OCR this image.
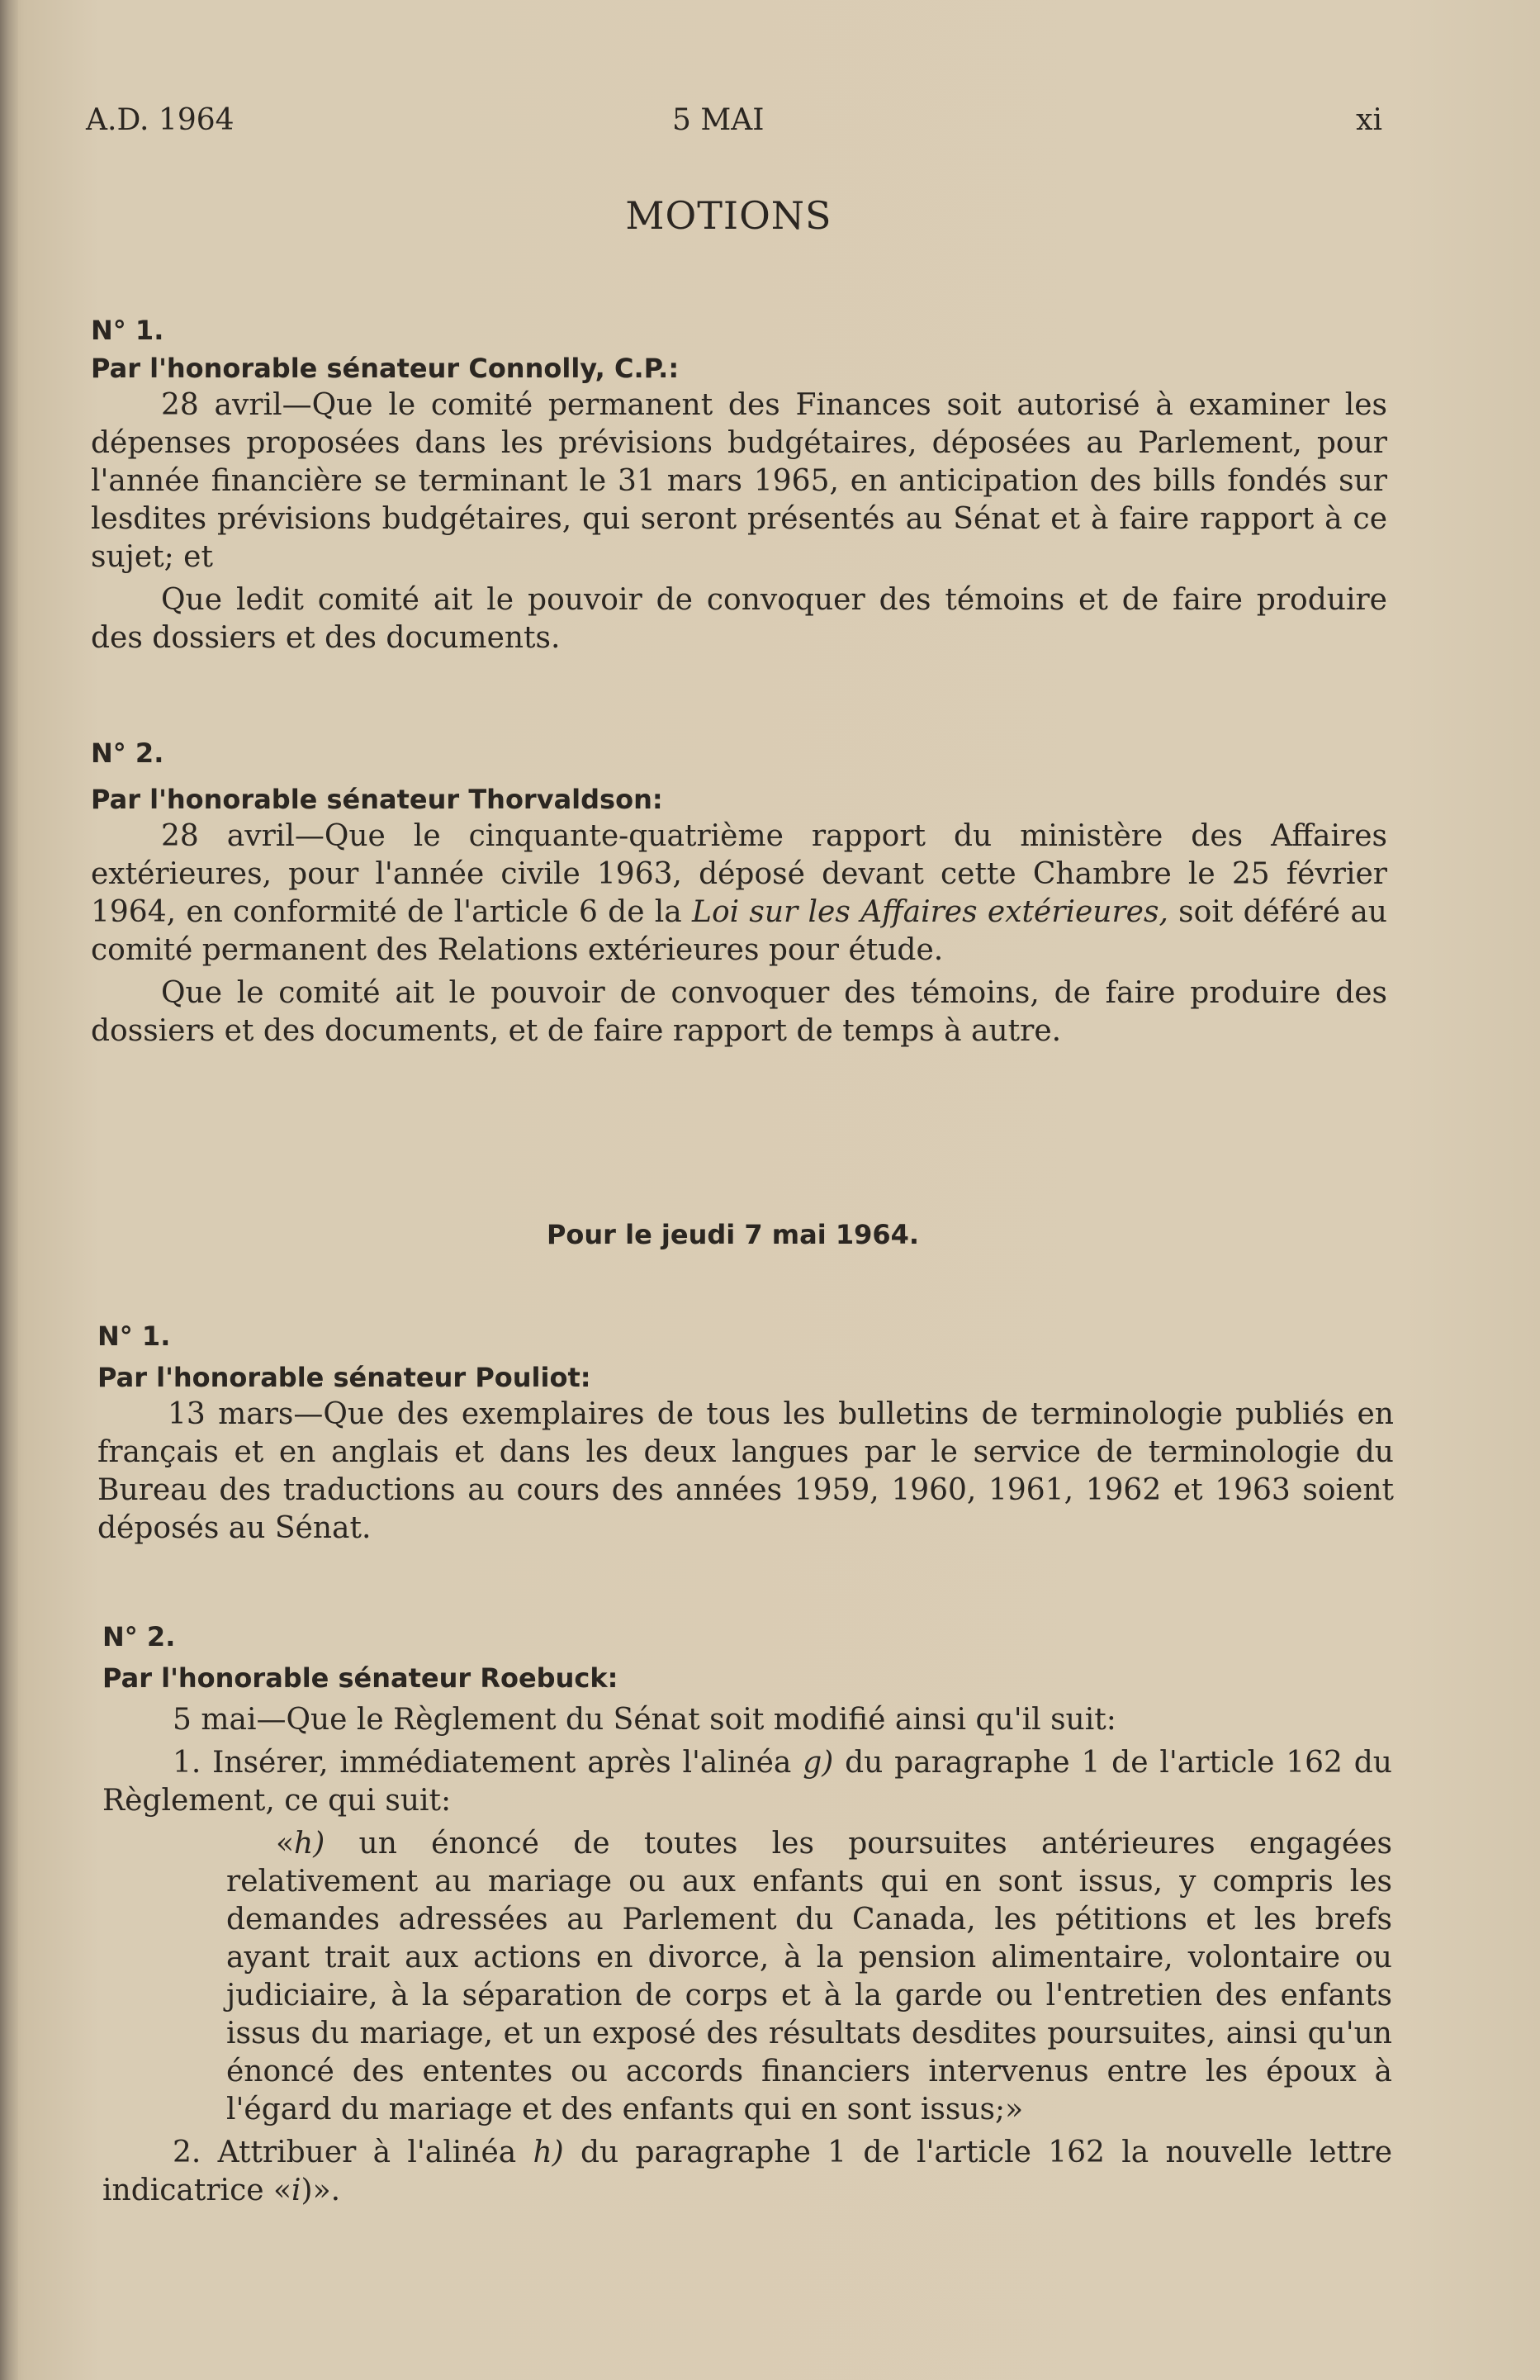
A.D. 1964	5 MAI	xi
MOTIONS
N° 1.
Par l'honorable sénateur Connolly, C.P.:

28 avril—Que le comité permanent des Finances soit autorisé à examiner les dépenses proposées dans les prévisions budgétaires, déposées au Parlement, pour l'année financière se terminant le 31 mars 1965, en anticipation des bills fondés sur lesdites prévisions budgétaires, qui seront présentés au Sénat et à faire rapport à ce sujet; et

Que ledit comité ait le pouvoir de convoquer des témoins et de faire produire des dossiers et des documents.

N° 2.
Par l'honorable sénateur Thorvaldson:

28 avril—Que le cinquante-quatrième rapport du ministère des Affaires extérieures, pour l'année civile 1963, déposé devant cette Chambre le 25 février 1964, en conformité de l'article 6 de la Loi sur les Affaires extérieures, soit déféré au comité permanent des Relations extérieures pour étude.

Que le comité ait le pouvoir de convoquer des témoins, de faire produire des dossiers et des documents, et de faire rapport de temps à autre.

Pour le jeudi 7 mai 1964.
N° 1.
Par l'honorable sénateur Pouliot:

13 mars—Que des exemplaires de tous les bulletins de terminologie publiés en français et en anglais et dans les deux langues par le service de terminologie du Bureau des traductions au cours des années 1959, 1960, 1961, 1962 et 1963 soient déposés au Sénat.

N° 2.
Par l'honorable sénateur Roebuck:

5 mai—Que le Règlement du Sénat soit modifié ainsi qu'il suit:

1. Insérer, immédiatement après l'alinéa g) du paragraphe 1 de l'article 162 du Règlement, ce qui suit:

«h) un énoncé de toutes les poursuites antérieures engagées relativement au mariage ou aux enfants qui en sont issus, y compris les demandes adressées au Parlement du Canada, les pétitions et les brefs ayant trait aux actions en divorce, à la pension alimentaire, volontaire ou judiciaire, à la séparation de corps et à la garde ou l'entretien des enfants issus du mariage, et un exposé des résultats desdites poursuites, ainsi qu'un énoncé des ententes ou accords financiers intervenus entre les époux à l'égard du mariage et des enfants qui en sont issus;»

2. Attribuer à l'alinéa h) du paragraphe 1 de l'article 162 la nouvelle lettre indicatrice «i)».
